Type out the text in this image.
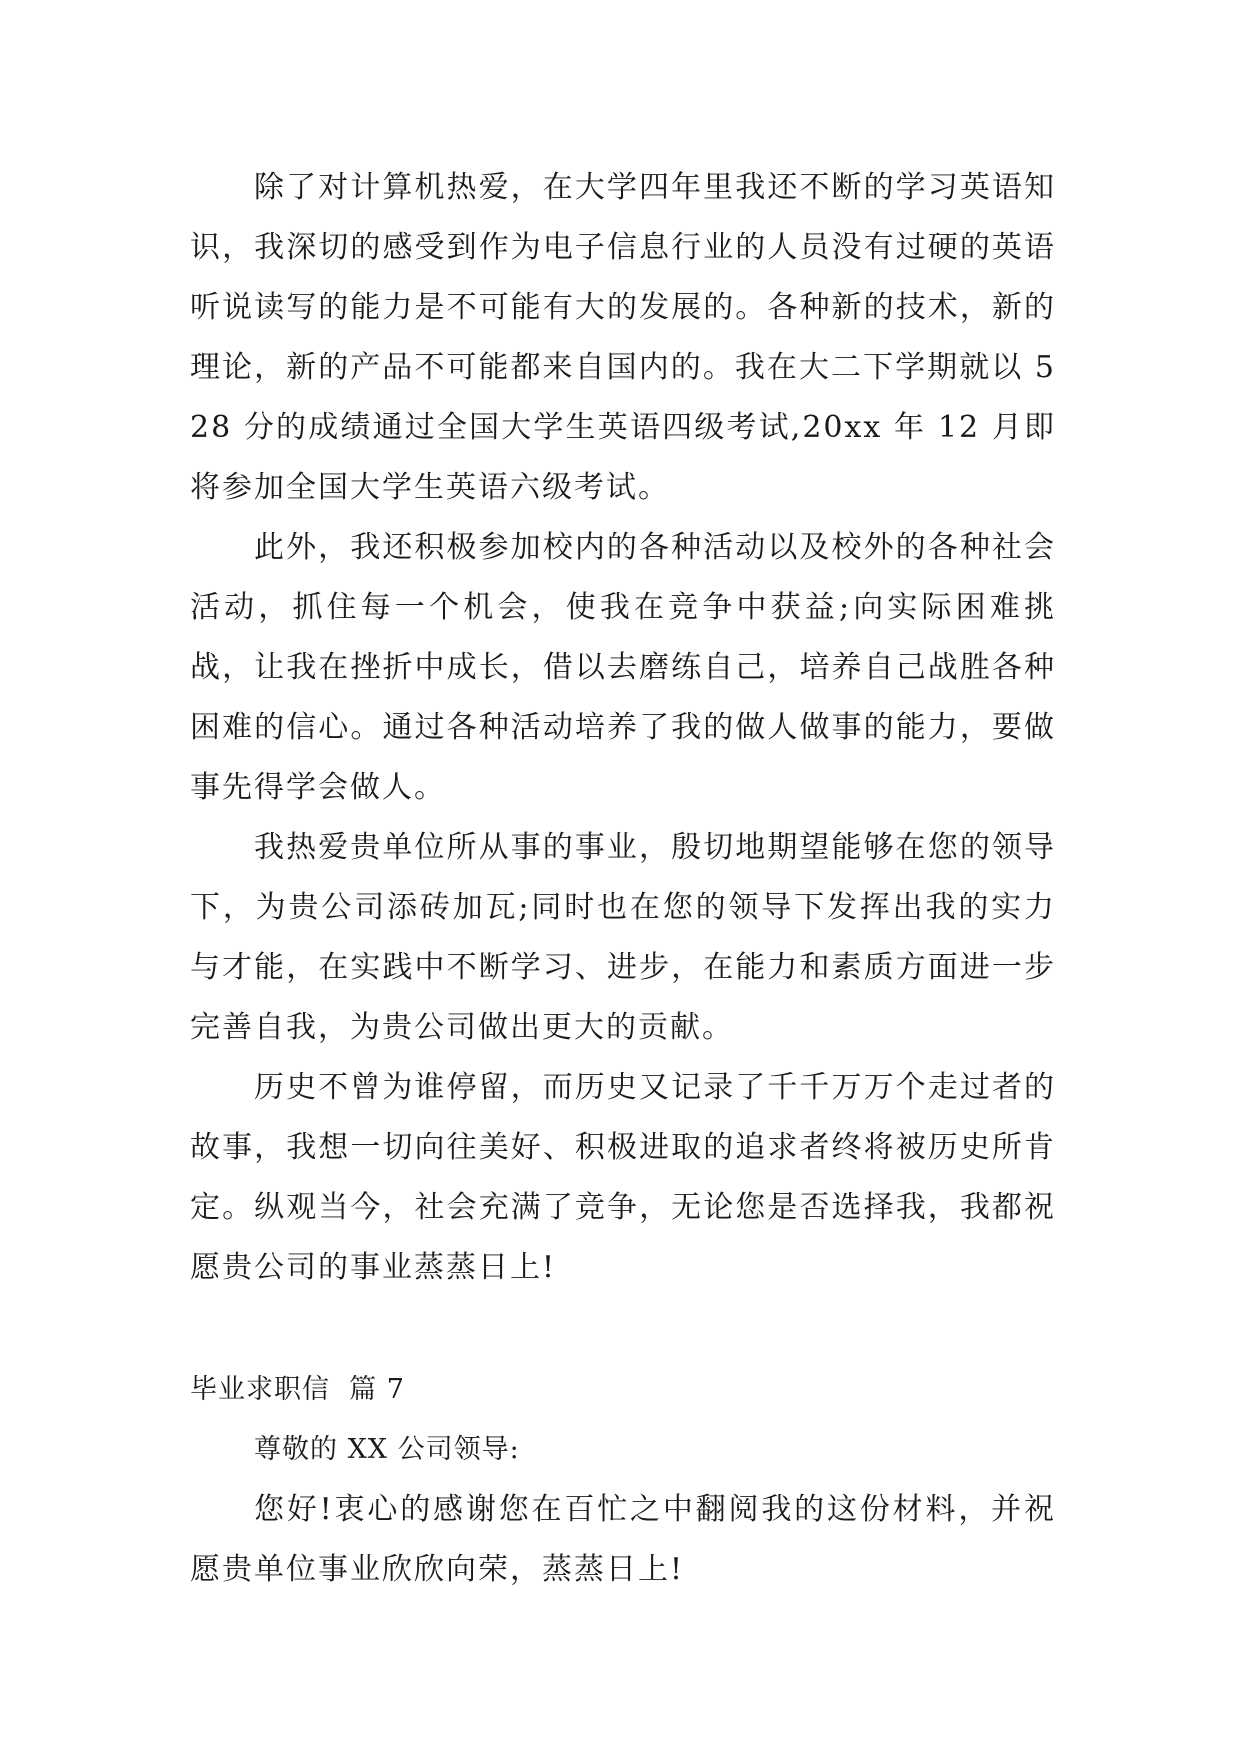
除了对计算机热爱，在大学四年里我还不断的学习英语知识，我深切的感受到作为电子信息行业的人员没有过硬的英语听说读写的能力是不可能有大的发展的。各种新的技术，新的理论，新的产品不可能都来自国内的。我在大二下学期就以 528 分的成绩通过全国大学生英语四级考试,20xx 年 12 月即将参加全国大学生英语六级考试。

此外，我还积极参加校内的各种活动以及校外的各种社会活动，抓住每一个机会，使我在竞争中获益;向实际困难挑战，让我在挫折中成长，借以去磨练自己，培养自己战胜各种困难的信心。通过各种活动培养了我的做人做事的能力，要做事先得学会做人。

我热爱贵单位所从事的事业，殷切地期望能够在您的领导下，为贵公司添砖加瓦;同时也在您的领导下发挥出我的实力与才能，在实践中不断学习、进步，在能力和素质方面进一步完善自我，为贵公司做出更大的贡献。

历史不曾为谁停留，而历史又记录了千千万万个走过者的故事，我想一切向往美好、积极进取的追求者终将被历史所肯定。纵观当今，社会充满了竞争，无论您是否选择我，我都祝愿贵公司的事业蒸蒸日上!

毕业求职信  篇 7

尊敬的 XX 公司领导:

您好!衷心的感谢您在百忙之中翻阅我的这份材料，并祝愿贵单位事业欣欣向荣，蒸蒸日上!
